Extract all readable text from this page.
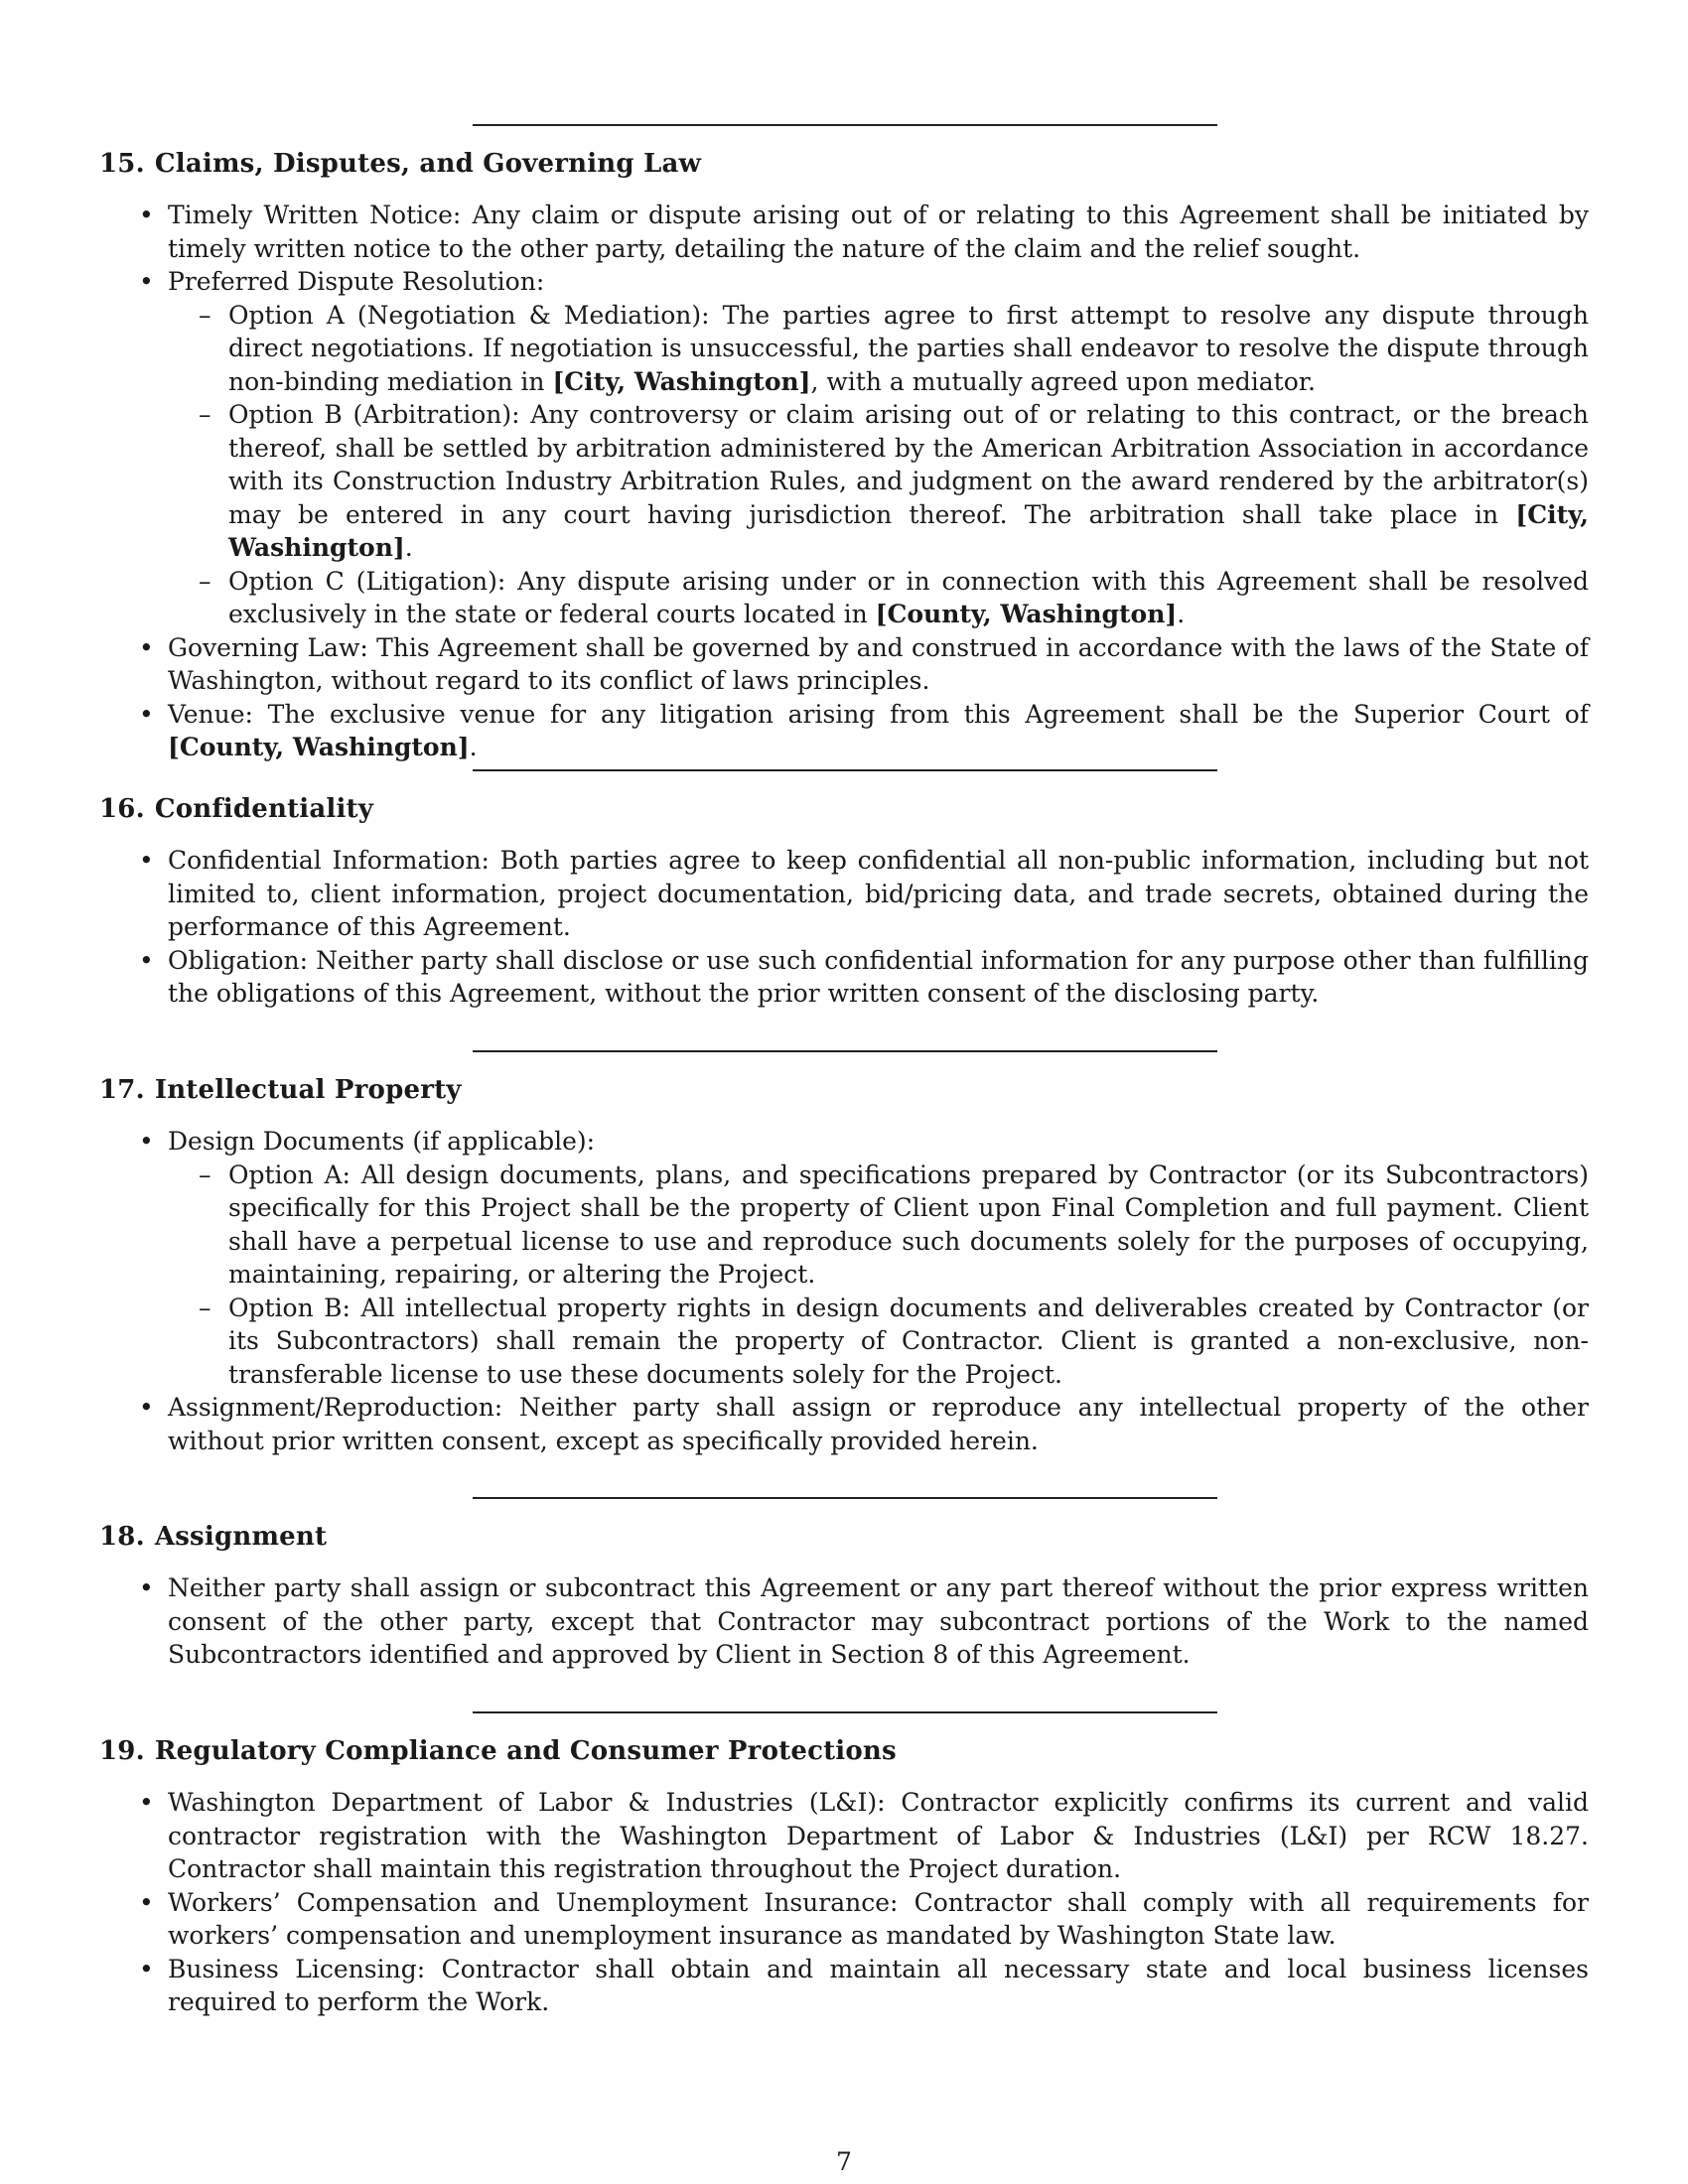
15. Claims, Disputes, and Governing Law
• Timely Written Notice: Any claim or dispute arising out of or relating to this Agreement shall be initiated by timely written notice to the other party, detailing the nature of the claim and the relief sought.
• Preferred Dispute Resolution:
– Option A (Negotiation & Mediation): The parties agree to first attempt to resolve any dispute through direct negotiations. If negotiation is unsuccessful, the parties shall endeavor to resolve the dispute through non-binding mediation in [City, Washington], with a mutually agreed upon mediator.
– Option B (Arbitration): Any controversy or claim arising out of or relating to this contract, or the breach thereof, shall be settled by arbitration administered by the American Arbitration Association in accordance with its Construction Industry Arbitration Rules, and judgment on the award rendered by the arbitrator(s) may be entered in any court having jurisdiction thereof. The arbitration shall take place in [City, Washington].
– Option C (Litigation): Any dispute arising under or in connection with this Agreement shall be resolved exclusively in the state or federal courts located in [County, Washington].
• Governing Law: This Agreement shall be governed by and construed in accordance with the laws of the State of Washington, without regard to its conflict of laws principles.
• Venue: The exclusive venue for any litigation arising from this Agreement shall be the Superior Court of [County, Washington].
16. Confidentiality
• Confidential Information: Both parties agree to keep confidential all non-public information, including but not limited to, client information, project documentation, bid/pricing data, and trade secrets, obtained during the performance of this Agreement.
• Obligation: Neither party shall disclose or use such confidential information for any purpose other than fulfilling the obligations of this Agreement, without the prior written consent of the disclosing party.
17. Intellectual Property
• Design Documents (if applicable):
– Option A: All design documents, plans, and specifications prepared by Contractor (or its Subcontractors) specifically for this Project shall be the property of Client upon Final Completion and full payment. Client shall have a perpetual license to use and reproduce such documents solely for the purposes of occupying, maintaining, repairing, or altering the Project.
– Option B: All intellectual property rights in design documents and deliverables created by Contractor (or its Subcontractors) shall remain the property of Contractor. Client is granted a non-exclusive, non-transferable license to use these documents solely for the Project.
• Assignment/Reproduction: Neither party shall assign or reproduce any intellectual property of the other without prior written consent, except as specifically provided herein.
18. Assignment
• Neither party shall assign or subcontract this Agreement or any part thereof without the prior express written consent of the other party, except that Contractor may subcontract portions of the Work to the named Subcontractors identified and approved by Client in Section 8 of this Agreement.
19. Regulatory Compliance and Consumer Protections
• Washington Department of Labor & Industries (L&I): Contractor explicitly confirms its current and valid contractor registration with the Washington Department of Labor & Industries (L&I) per RCW 18.27. Contractor shall maintain this registration throughout the Project duration.
• Workers’ Compensation and Unemployment Insurance: Contractor shall comply with all requirements for workers’ compensation and unemployment insurance as mandated by Washington State law.
• Business Licensing: Contractor shall obtain and maintain all necessary state and local business licenses required to perform the Work.
7
